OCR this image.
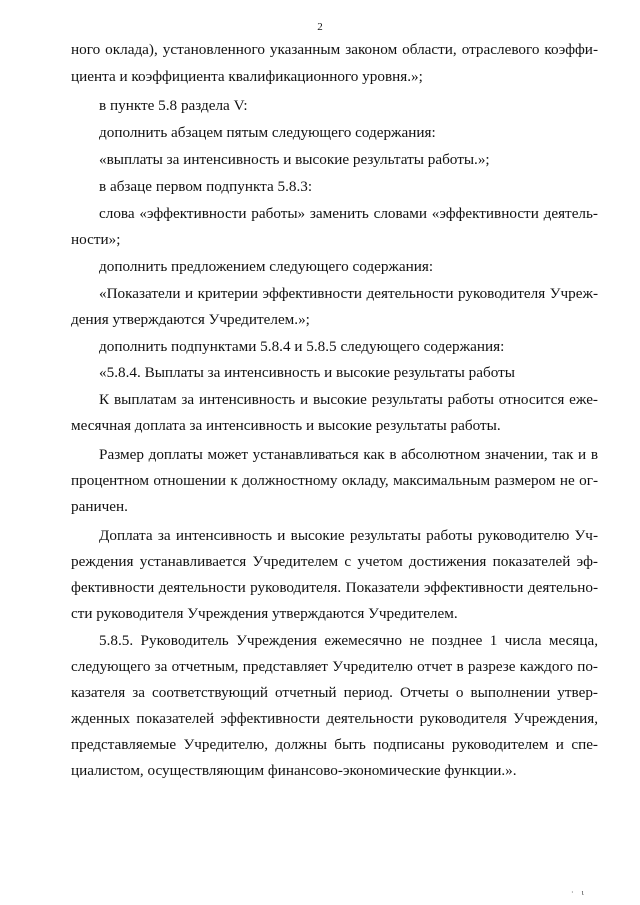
2
ного оклада), установленного указанным законом области, отраслевого коэффи-
циента и коэффициента квалификационного уровня.»;
в пункте 5.8 раздела V:
дополнить абзацем пятым следующего содержания:
«выплаты за интенсивность и высокие результаты работы.»;
в абзаце первом подпункта 5.8.3:
слова «эффективности работы» заменить словами «эффективности деятель-
ности»;
дополнить предложением следующего содержания:
«Показатели и критерии эффективности деятельности руководителя Учреж-
дения утверждаются Учредителем.»;
дополнить подпунктами 5.8.4 и 5.8.5 следующего содержания:
«5.8.4. Выплаты за интенсивность и высокие результаты работы
К выплатам за интенсивность и высокие результаты работы относится еже-
месячная доплата за интенсивность и высокие результаты работы.
Размер доплаты может устанавливаться как в абсолютном значении, так и в
процентном отношении к должностному окладу, максимальным размером не ог-
раничен.
Доплата за интенсивность и высокие результаты работы руководителю Уч-
реждения устанавливается Учредителем с учетом достижения показателей эф-
фективности деятельности руководителя. Показатели эффективности деятельно-
сти руководителя Учреждения утверждаются Учредителем.
5.8.5. Руководитель Учреждения ежемесячно не позднее 1 числа месяца,
следующего за отчетным, представляет Учредителю отчет в разрезе каждого по-
казателя за соответствующий отчетный период. Отчеты о выполнении утвер-
жденных показателей эффективности деятельности руководителя Учреждения,
представляемые Учредителю, должны быть подписаны руководителем и спе-
циалистом, осуществляющим финансово-экономические функции.».
· ι
